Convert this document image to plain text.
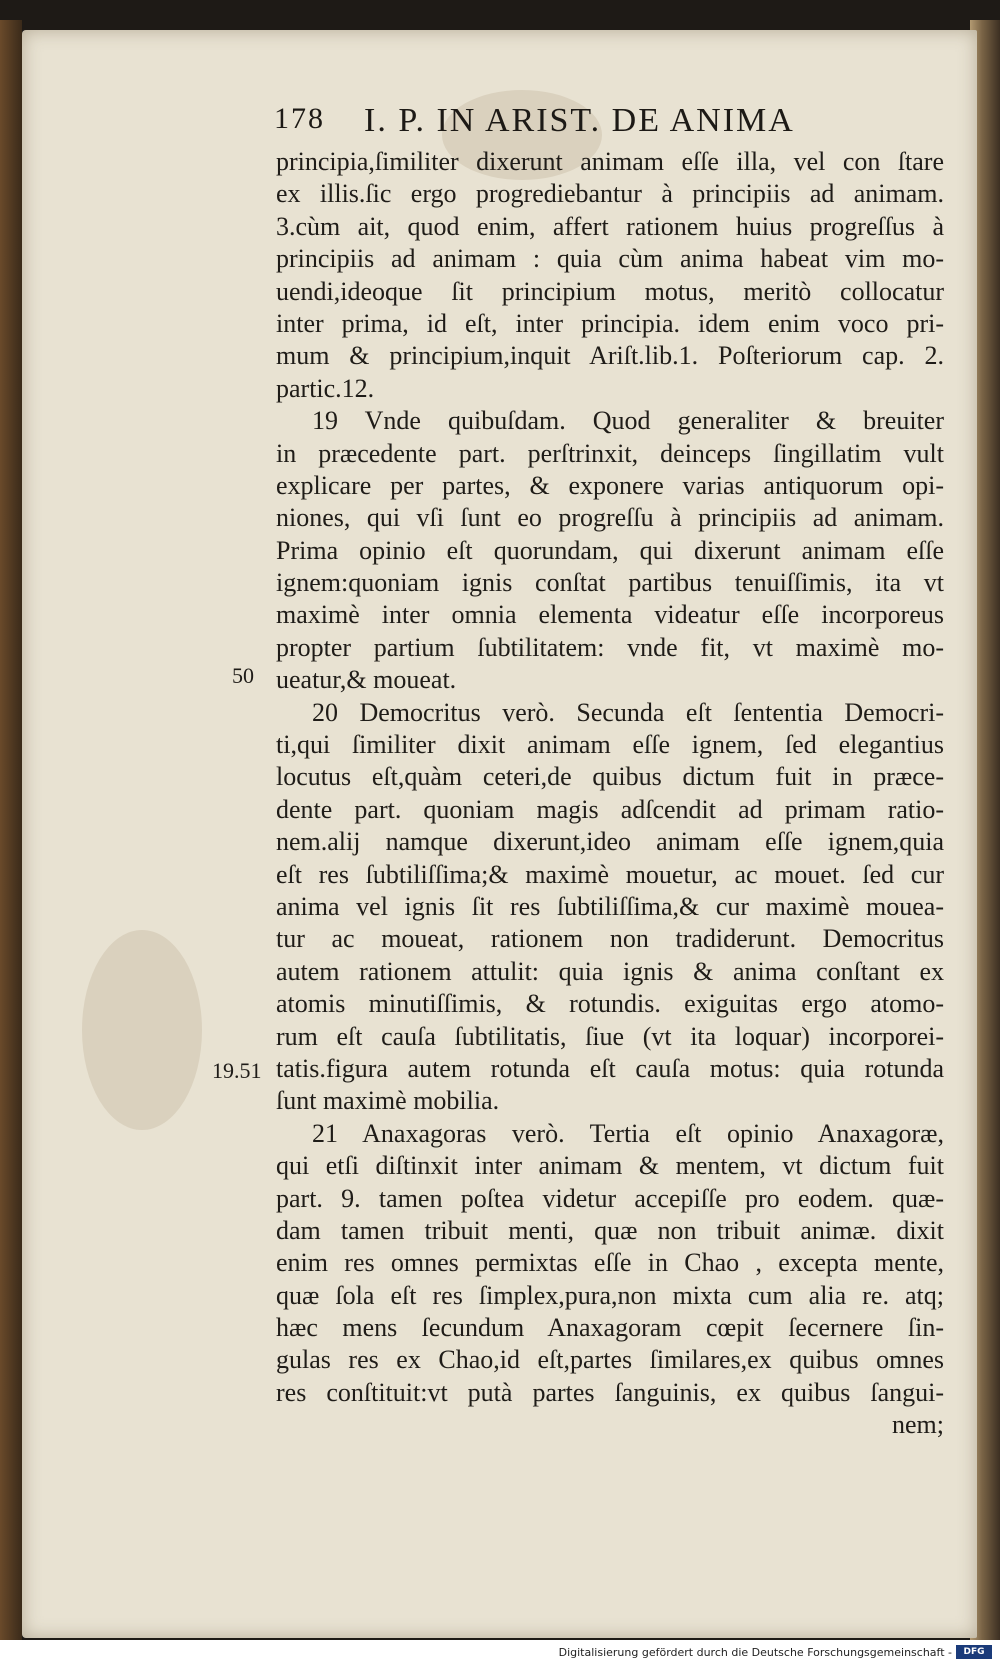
178 I. P. IN ARIST. DE ANIMA
50
19.51
principia,ſimiliter dixerunt animam eſſe illa, vel con ſtare
ex illis.ſic ergo progrediebantur à principiis ad animam.
3.cùm ait, quod enim, affert rationem huius progreſſus à
principiis ad animam : quia cùm anima habeat vim mo-
uendi,ideoque ſit principium motus, meritò collocatur
inter prima, id eſt, inter principia. idem enim voco pri-
mum & principium,inquit Ariſt.lib.1. Poſteriorum cap. 2.
partic.12.
19 Vnde quibuſdam. Quod generaliter & breuiter
in præcedente part. perſtrinxit, deinceps ſingillatim vult
explicare per partes, & exponere varias antiquorum opi-
niones, qui vſi ſunt eo progreſſu à principiis ad animam.
Prima opinio eſt quorundam, qui dixerunt animam eſſe
ignem:quoniam ignis conſtat partibus tenuiſſimis, ita vt
maximè inter omnia elementa videatur eſſe incorporeus
propter partium ſubtilitatem: vnde fit, vt maximè mo-
ueatur,& moueat.
20 Democritus verò. Secunda eſt ſententia Democri-
ti,qui ſimiliter dixit animam eſſe ignem, ſed elegantius
locutus eſt,quàm ceteri,de quibus dictum fuit in præce-
dente part. quoniam magis adſcendit ad primam ratio-
nem.alij namque dixerunt,ideo animam eſſe ignem,quia
eſt res ſubtiliſſima;& maximè mouetur, ac mouet. ſed cur
anima vel ignis ſit res ſubtiliſſima,& cur maximè mouea-
tur ac moueat, rationem non tradiderunt. Democritus
autem rationem attulit: quia ignis & anima conſtant ex
atomis minutiſſimis, & rotundis. exiguitas ergo atomo-
rum eſt cauſa ſubtilitatis, ſiue (vt ita loquar) incorporei-
tatis.figura autem rotunda eſt cauſa motus: quia rotunda
ſunt maximè mobilia.
21 Anaxagoras verò. Tertia eſt opinio Anaxagoræ,
qui etſi diſtinxit inter animam & mentem, vt dictum fuit
part. 9. tamen poſtea videtur accepiſſe pro eodem. quæ-
dam tamen tribuit menti, quæ non tribuit animæ. dixit
enim res omnes permixtas eſſe in Chao , excepta mente,
quæ ſola eſt res ſimplex,pura,non mixta cum alia re. atq;
hæc mens ſecundum Anaxagoram cœpit ſecernere ſin-
gulas res ex Chao,id eſt,partes ſimilares,ex quibus omnes
res conſtituit:vt putà partes ſanguinis, ex quibus ſangui-
nem;
Digitalisierung gefördert durch die Deutsche Forschungsgemeinschaft -	DFG
